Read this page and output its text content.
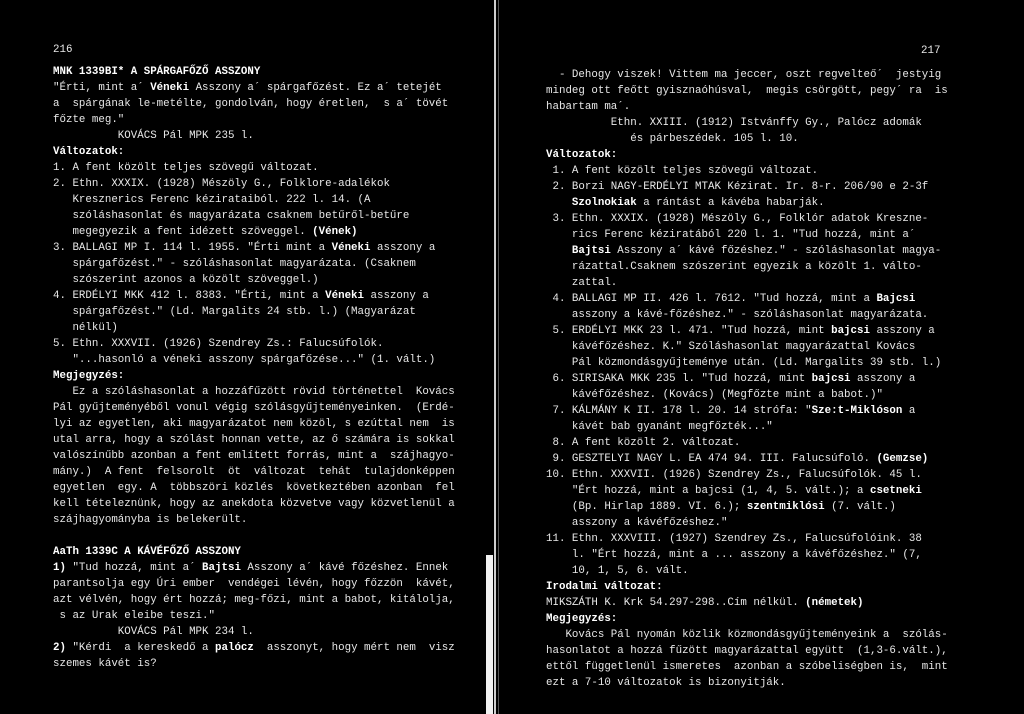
216
MNK 1339BI* A SPÁRGAFŐZŐ ASSZONY
"Érti, mint a´ Véneki Asszony a´ spárgafőzést. Ez a´ tetejét
a  spárgának le-metélte, gondolván, hogy éretlen,  s a´ tövét
főzte meg."
KOVÁCS Pál MPK 235 l.
Változatok:
1. A fent közölt teljes szövegű változat.
2. Ethn. XXXIX. (1928) Mészöly G., Folklore-adalékok
Kresznerics Ferenc kézirataiból. 222 l. 14. (A
szóláshasonlat és magyarázata csaknem betűről-betűre
megegyezik a fent idézett szöveggel. (Vének)
3. BALLAGI MP I. 114 l. 1955. "Érti mint a Véneki asszony a
spárgafőzést." - szóláshasonlat magyarázata. (Csaknem
szószerint azonos a közölt szöveggel.)
4. ERDÉLYI MKK 412 l. 8383. "Érti, mint a Véneki asszony a
spárgafőzést." (Ld. Margalits 24 stb. l.) (Magyarázat
nélkül)
5. Ethn. XXXVII. (1926) Szendrey Zs.: Falucsúfolók.
"...hasonló a véneki asszony spárgafőzése..." (1. vált.)
Megjegyzés:
Ez a szóláshasonlat a hozzáfűzött rövid történettel  Kovács
Pál gyűjteményéből vonul végig szólásgyűjteményeinken.  (Erdé-
lyi az egyetlen, aki magyarázatot nem közöl, s ezúttal nem  is
utal arra, hogy a szólást honnan vette, az ő számára is sokkal
valószínűbb azonban a fent említett forrás, mint a  szájhagyo-
mány.)  A fent  felsorolt  öt  változat  tehát  tulajdonképpen
egyetlen  egy. A  többszöri közlés  következtében azonban  fel
kell tételeznünk, hogy az anekdota közvetve vagy közvetlenül a
szájhagyományba is belekerült.
AaTh 1339C A KÁVÉFŐZŐ ASSZONY
1) "Tud hozzá, mint a´ Bajtsi Asszony a´ kávé főzéshez. Ennek
parantsolja egy Úri ember  vendégei lévén, hogy főzzön  kávét,
azt vélvén, hogy ért hozzá; meg-főzi, mint a babot, kitálolja,
s az Urak eleibe teszi."
KOVÁCS Pál MPK 234 l.
2) "Kérdi  a kereskedő a palócz  asszonyt, hogy mért nem  visz
szemes kávét is?
217
- Dehogy viszek! Vittem ma jeccer, oszt regvelteő´  jestyig
mindeg ott feőtt gyisznaóhúsval,  megis csörgött, pegy´ ra  is
habartam ma´.
Ethn. XXIII. (1912) Istvánffy Gy., Palócz adomák
és párbeszédek. 105 l. 10.
Változatok:
1. A fent közölt teljes szövegű változat.
2. Borzi NAGY-ERDÉLYI MTAK Kézirat. Ir. 8-r. 206/90 e 2-3f
Szolnokiak a rántást a kávéba habarják.
3. Ethn. XXXIX. (1928) Mészöly G., Folklór adatok Kreszne-
rics Ferenc kéziratából 220 l. 1. "Tud hozzá, mint a´
Bajtsi Asszony a´ kávé főzéshez." - szóláshasonlat magya-
rázattal.Csaknem szószerint egyezik a közölt 1. válto-
zattal.
4. BALLAGI MP II. 426 l. 7612. "Tud hozzá, mint a Bajcsi
asszony a kávé-főzéshez." - szóláshasonlat magyarázata.
5. ERDÉLYI MKK 23 l. 471. "Tud hozzá, mint bajcsi asszony a
kávéfőzéshez. K." Szóláshasonlat magyarázattal Kovács
Pál közmondásgyűjteménye után. (Ld. Margalits 39 stb. l.)
6. SIRISAKA MKK 235 l. "Tud hozzá, mint bajcsi asszony a
kávéfőzéshez. (Kovács) (Megfőzte mint a babot.)"
7. KÁLMÁNY K II. 178 l. 20. 14 strófa: "Sze:t-Miklóson a
kávét bab gyanánt megfőzték..."
8. A fent közölt 2. változat.
9. GESZTELYI NAGY L. EA 474 94. III. Falucsúfoló. (Gemzse)
10. Ethn. XXXVII. (1926) Szendrey Zs., Falucsúfolók. 45 l.
"Ért hozzá, mint a bajcsi (1, 4, 5. vált.); a csetneki
(Bp. Hirlap 1889. VI. 6.); szentmiklósi (7. vált.)
asszony a kávéfőzéshez."
11. Ethn. XXXVIII. (1927) Szendrey Zs., Falucsúfolóink. 38
l. "Ért hozzá, mint a ... asszony a kávéfőzéshez." (7,
10, 1, 5, 6. vált.
Irodalmi változat:
MIKSZÁTH K. Krk 54.297-298..Cím nélkül. (németek)
Megjegyzés:
Kovács Pál nyomán közlik közmondásgyűjteményeink a  szólás-
hasonlatot a hozzá fűzött magyarázattal együtt  (1,3-6.vált.),
ettől függetlenül ismeretes  azonban a szóbeliségben is,  mint
ezt a 7-10 változatok is bizonyitják.
